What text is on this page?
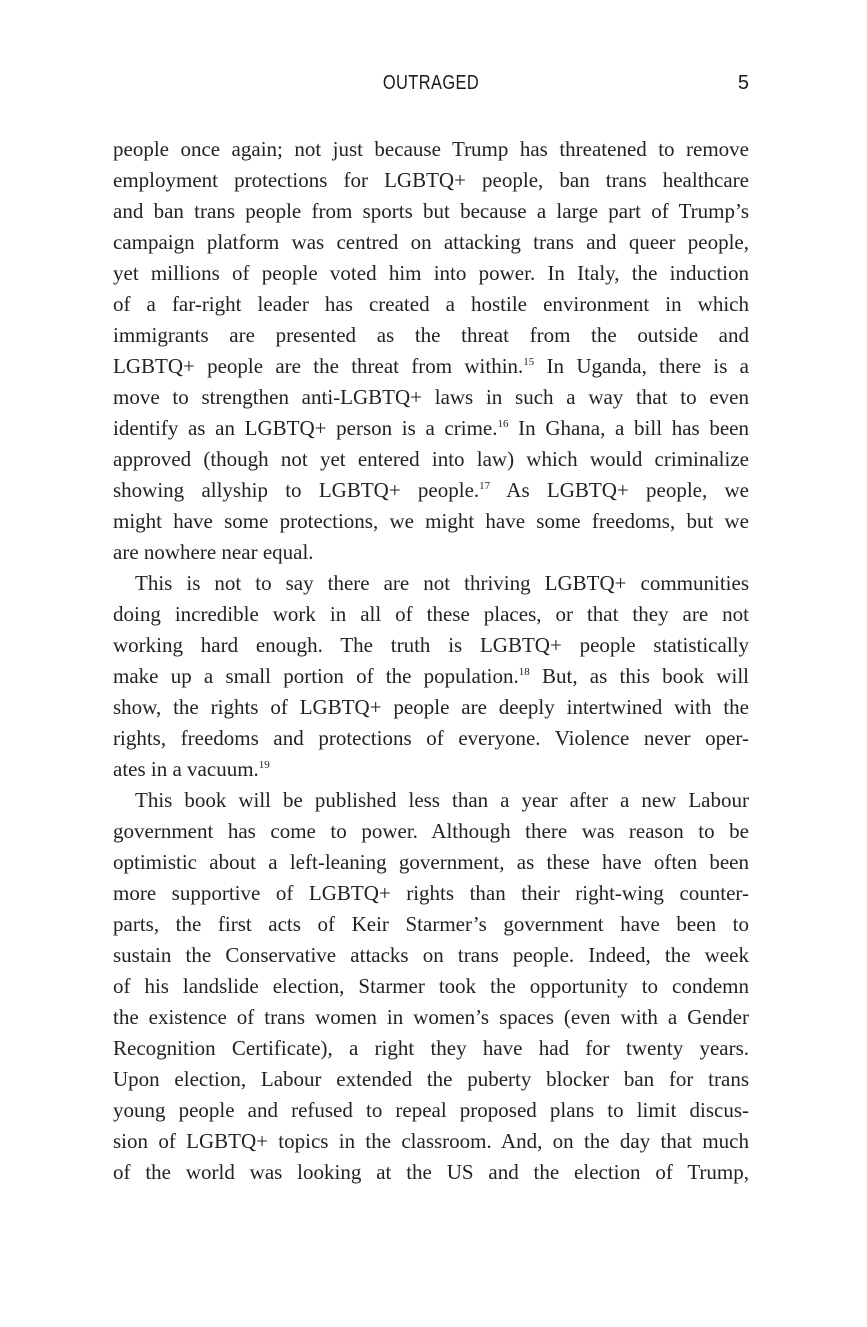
OUTRAGED	5
people once again; not just because Trump has threatened to remove
employment protections for LGBTQ+ people, ban trans healthcare
and ban trans people from sports but because a large part of Trump’s
campaign platform was centred on attacking trans and queer people,
yet millions of people voted him into power. In Italy, the induction
of a far-right leader has created a hostile environment in which
immigrants are presented as the threat from the outside and
LGBTQ+ people are the threat from within.$^{15}$ In Uganda, there is a
move to strengthen anti-LGBTQ+ laws in such a way that to even
identify as an LGBTQ+ person is a crime.$^{16}$ In Ghana, a bill has been
approved (though not yet entered into law) which would criminalize
showing allyship to LGBTQ+ people.$^{17}$ As LGBTQ+ people, we
might have some protections, we might have some freedoms, but we
are nowhere near equal.
This is not to say there are not thriving LGBTQ+ communities
doing incredible work in all of these places, or that they are not
working hard enough. The truth is LGBTQ+ people statistically
make up a small portion of the population.$^{18}$ But, as this book will
show, the rights of LGBTQ+ people are deeply intertwined with the
rights, freedoms and protections of everyone. Violence never oper-
ates in a vacuum.$^{19}$
This book will be published less than a year after a new Labour
government has come to power. Although there was reason to be
optimistic about a left-leaning government, as these have often been
more supportive of LGBTQ+ rights than their right-wing counter-
parts, the first acts of Keir Starmer’s government have been to
sustain the Conservative attacks on trans people. Indeed, the week
of his landslide election, Starmer took the opportunity to condemn
the existence of trans women in women’s spaces (even with a Gender
Recognition Certificate), a right they have had for twenty years.
Upon election, Labour extended the puberty blocker ban for trans
young people and refused to repeal proposed plans to limit discus-
sion of LGBTQ+ topics in the classroom. And, on the day that much
of the world was looking at the US and the election of Trump,
